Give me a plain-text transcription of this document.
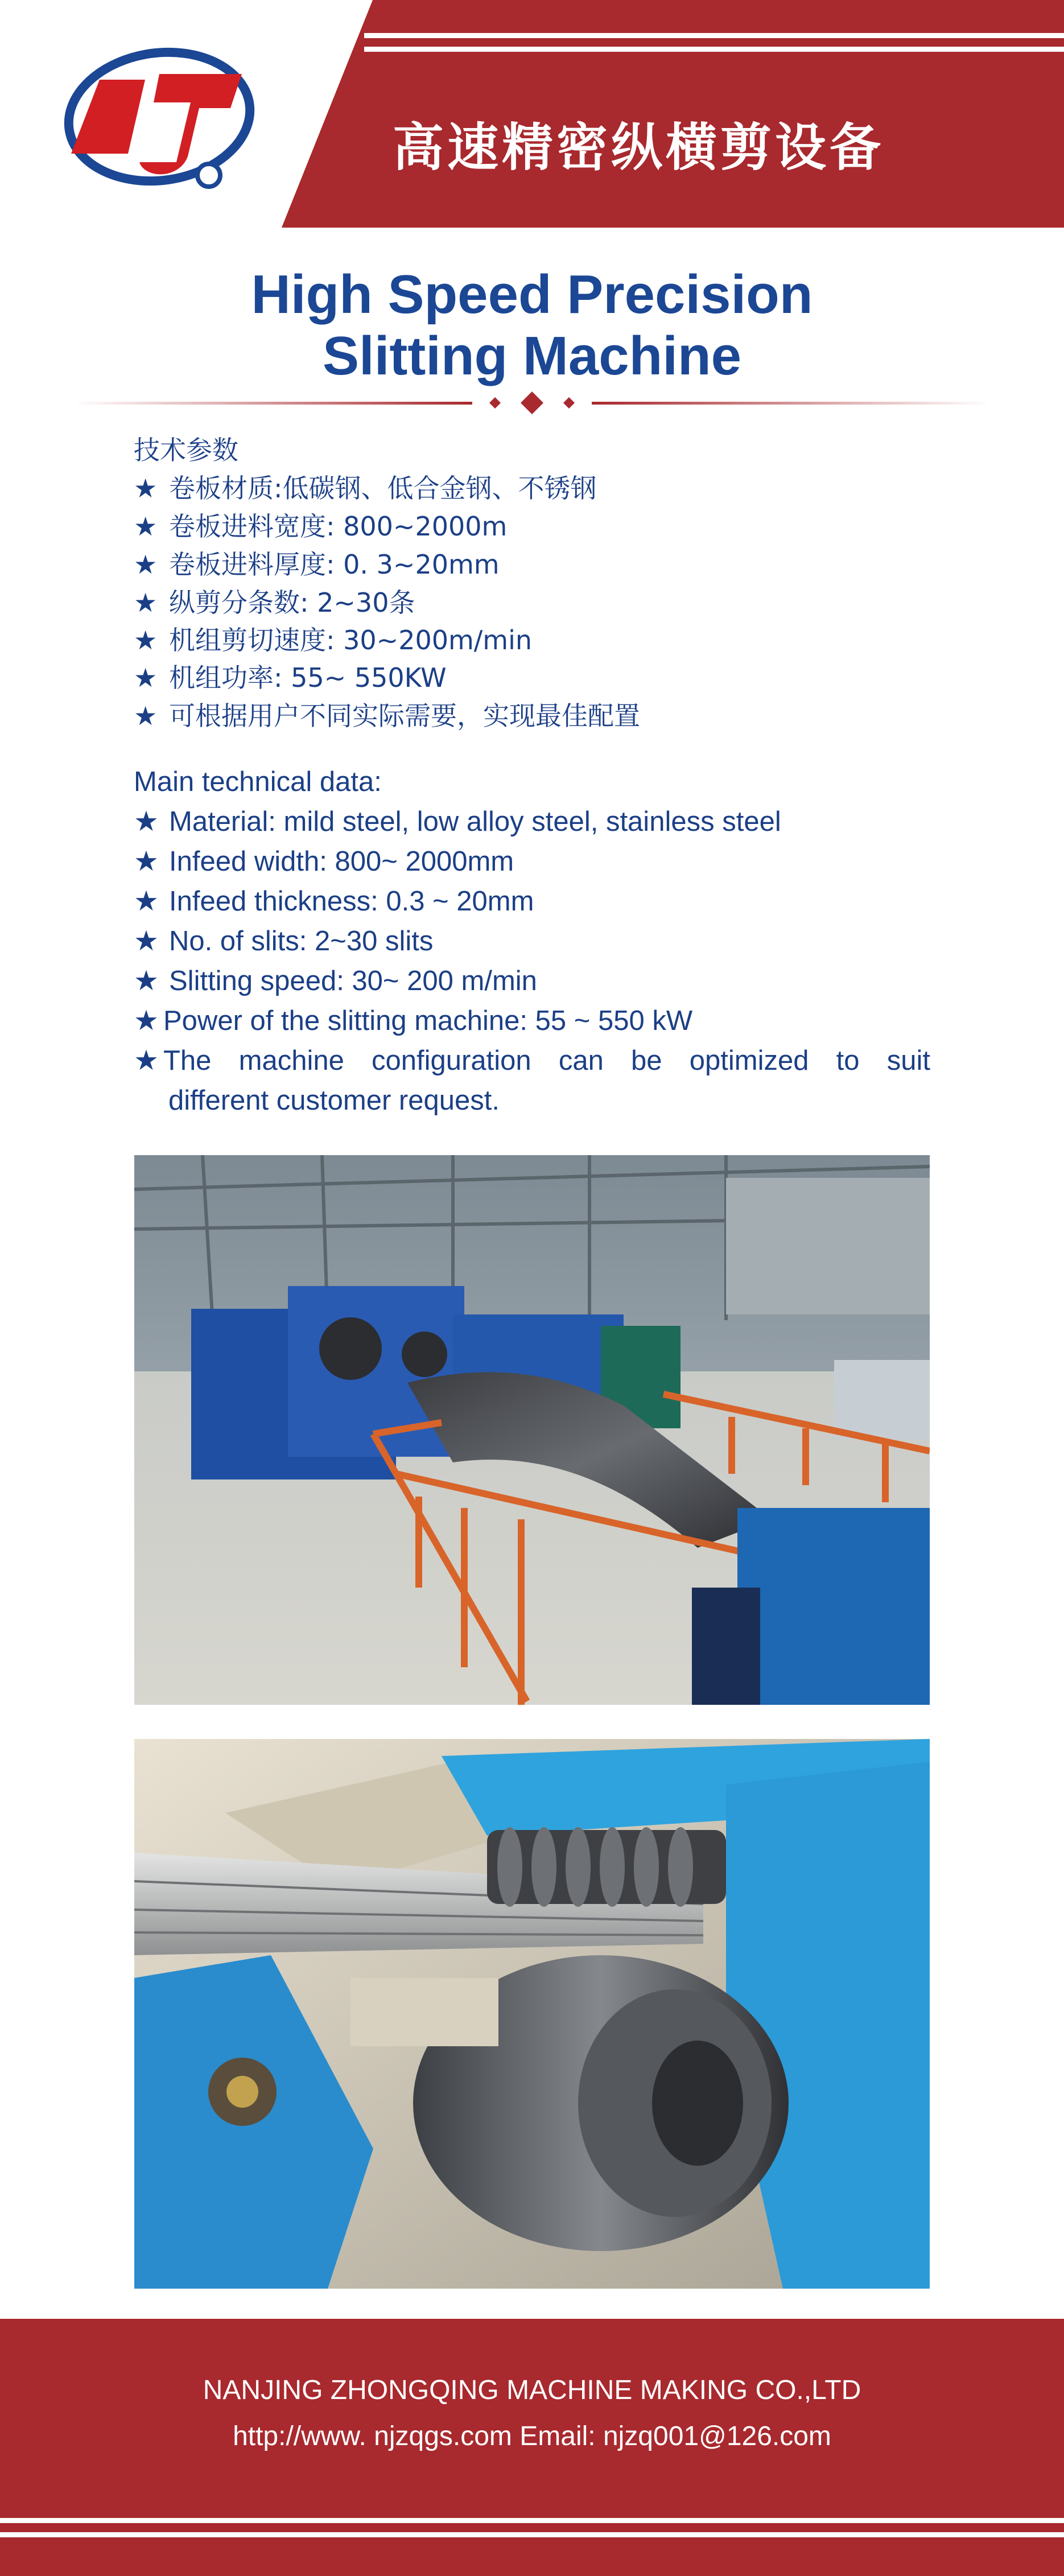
高速精密纵横剪设备
High Speed Precision
Slitting Machine
技术参数
★ 卷板材质:低碳钢、低合金钢、不锈钢
★ 卷板进料宽度: 800~2000m
★ 卷板进料厚度: 0. 3~20mm
★ 纵剪分条数: 2~30条
★ 机组剪切速度: 30~200m/min
★ 机组功率: 55~ 550KW
★ 可根据用户不同实际需要，实现最佳配置
Main technical data:
★ Material: mild steel, low alloy steel, stainless steel
★ Infeed width: 800~ 2000mm
★ Infeed thickness: 0.3 ~ 20mm
★ No. of slits: 2~30 slits
★ Slitting speed: 30~ 200 m/min
★ Power of the slitting machine: 55 ~ 550 kW
★ The machine configuration can be optimized to suit
different customer request.
NANJING ZHONGQING MACHINE MAKING CO.,LTD
http://www. njzqgs.com Email: njzq001@126.com
